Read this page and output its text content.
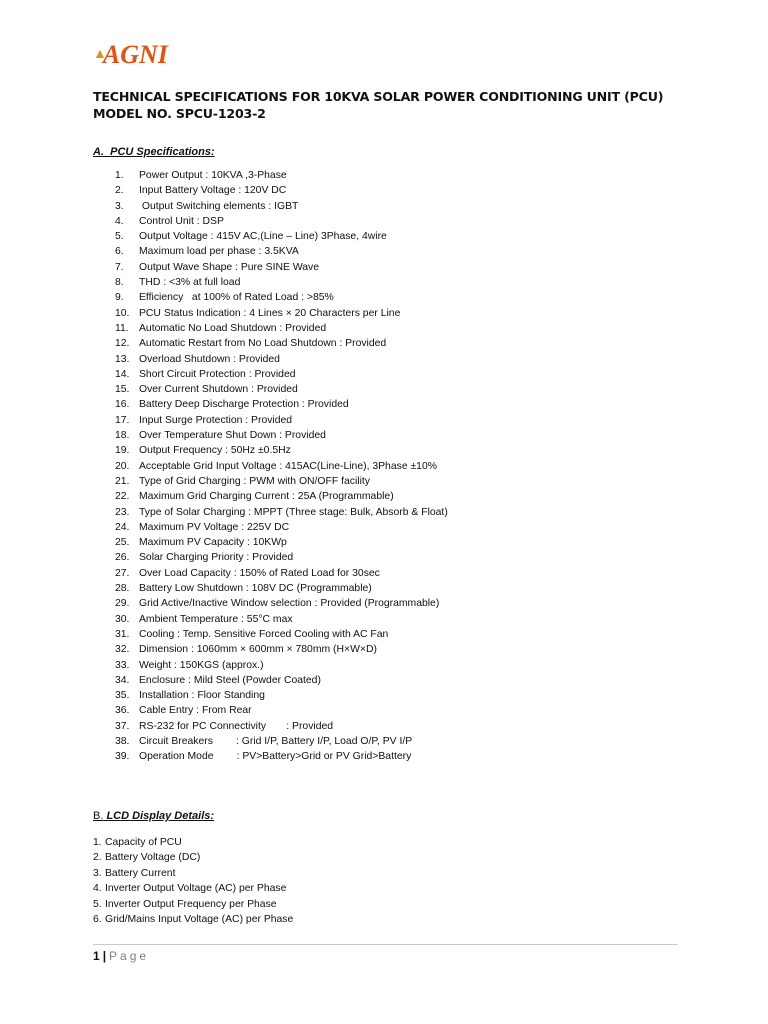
▲AGNI
TECHNICAL SPECIFICATIONS FOR 10KVA SOLAR POWER CONDITIONING UNIT (PCU)
MODEL NO. SPCU-1203-2
A. PCU Specifications:
1.	Power Output : 10KVA ,3-Phase
2.	Input Battery Voltage : 120V DC
3.	Output Switching elements : IGBT
4.	Control Unit : DSP
5.	Output Voltage : 415V AC,(Line – Line) 3Phase, 4wire
6.	Maximum load per phase : 3.5KVA
7.	Output Wave Shape : Pure SINE Wave
8.	THD : <3% at full load
9.	Efficiency   at 100% of Rated Load : >85%
10. PCU Status Indication : 4 Lines × 20 Characters per Line
11. Automatic No Load Shutdown : Provided
12. Automatic Restart from No Load Shutdown : Provided
13. Overload Shutdown : Provided
14. Short Circuit Protection : Provided
15. Over Current Shutdown : Provided
16. Battery Deep Discharge Protection : Provided
17. Input Surge Protection : Provided
18. Over Temperature Shut Down : Provided
19. Output Frequency : 50Hz ±0.5Hz
20. Acceptable Grid Input Voltage : 415AC(Line-Line), 3Phase ±10%
21. Type of Grid Charging : PWM with ON/OFF facility
22. Maximum Grid Charging Current : 25A (Programmable)
23. Type of Solar Charging : MPPT (Three stage: Bulk, Absorb & Float)
24. Maximum PV Voltage : 225V DC
25. Maximum PV Capacity : 10KWp
26. Solar Charging Priority : Provided
27. Over Load Capacity : 150% of Rated Load for 30sec
28. Battery Low Shutdown : 108V DC (Programmable)
29. Grid Active/Inactive Window selection : Provided (Programmable)
30. Ambient Temperature : 55°C max
31. Cooling : Temp. Sensitive Forced Cooling with AC Fan
32. Dimension : 1060mm × 600mm × 780mm (H×W×D)
33. Weight : 150KGS (approx.)
34. Enclosure : Mild Steel (Powder Coated)
35. Installation : Floor Standing
36. Cable Entry : From Rear
37. RS-232 for PC Connectivity       : Provided
38. Circuit Breakers        : Grid I/P, Battery I/P, Load O/P, PV I/P
39. Operation Mode        : PV>Battery>Grid or PV Grid>Battery
B. LCD Display Details:
1. Capacity of PCU
2. Battery Voltage (DC)
3. Battery Current
4. Inverter Output Voltage (AC) per Phase
5. Inverter Output Frequency per Phase
6. Grid/Mains Input Voltage (AC) per Phase
1 | Page
